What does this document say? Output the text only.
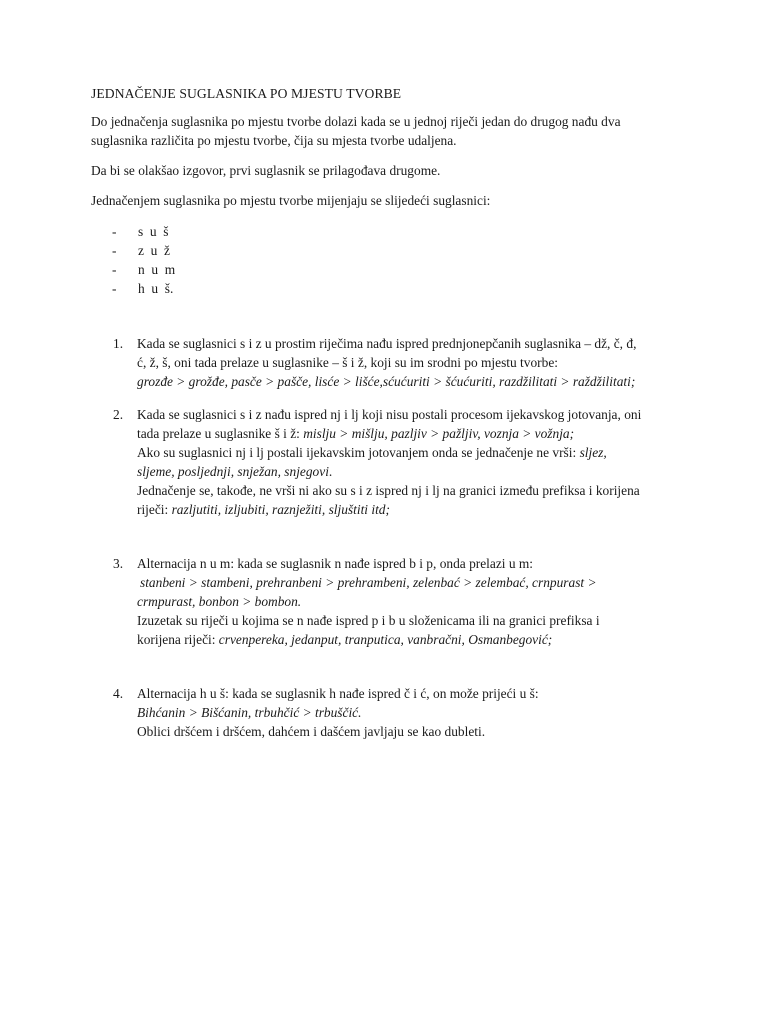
JEDNAČENJE SUGLASNIKA PO MJESTU TVORBE

Do jednačenja suglasnika po mjestu tvorbe dolazi kada se u jednoj riječi jedan do drugog nađu dva
suglasnika različita po mjestu tvorbe, čija su mjesta tvorbe udaljena.

Da bi se olakšao izgovor, prvi suglasnik se prilagođava drugome.

Jednačenjem suglasnika po mjestu tvorbe mijenjaju se slijedeći suglasnici:

- s  u  š
- z  u  ž
- n  u  m
- h  u  š.
1.	Kada se suglasnici s i z u prostim riječima nađu ispred prednjonepčanih suglasnika – dž, č, đ,
ć, ž, š, oni tada prelaze u suglasnike – š i ž, koji su im srodni po mjestu tvorbe:
grozđe > grožđe, pasče > pašče, lisće > lišće,sćućuriti > šćućuriti, razdžilitati > raždžilitati;
2.	Kada se suglasnici s i z nađu ispred nj i lj koji nisu postali procesom ijekavskog jotovanja, oni
tada prelaze u suglasnike š i ž: mislju > mišlju, pazljiv > pažljiv, voznja > vožnja;
Ako su suglasnici nj i lj postali ijekavskim jotovanjem onda se jednačenje ne vrši: sljez,
sljeme, posljednji, snježan, snjegovi.
Jednačenje se, takođe, ne vrši ni ako su s i z ispred nj i lj na granici između prefiksa i korijena
riječi: razljutiti, izljubiti, raznježiti, sljuštiti itd;
3.	Alternacija n u m: kada se suglasnik n nađe ispred b i p, onda prelazi u m:
stanbeni > stambeni, prehranbeni > prehrambeni, zelenbać > zelembać, crnpurast >
crmpurast, bonbon > bombon.
Izuzetak su riječi u kojima se n nađe ispred p i b u složenicama ili na granici prefiksa i
korijena riječi: crvenpereka, jedanput, tranputica, vanbračni, Osmanbegović;
4.	Alternacija h u š: kada se suglasnik h nađe ispred č i ć, on može prijeći u š:
Bihćanin > Bišćanin, trbuhčić > trbuščić.
Oblici dršćem i dršćem, dahćem i dašćem javljaju se kao dubleti.
